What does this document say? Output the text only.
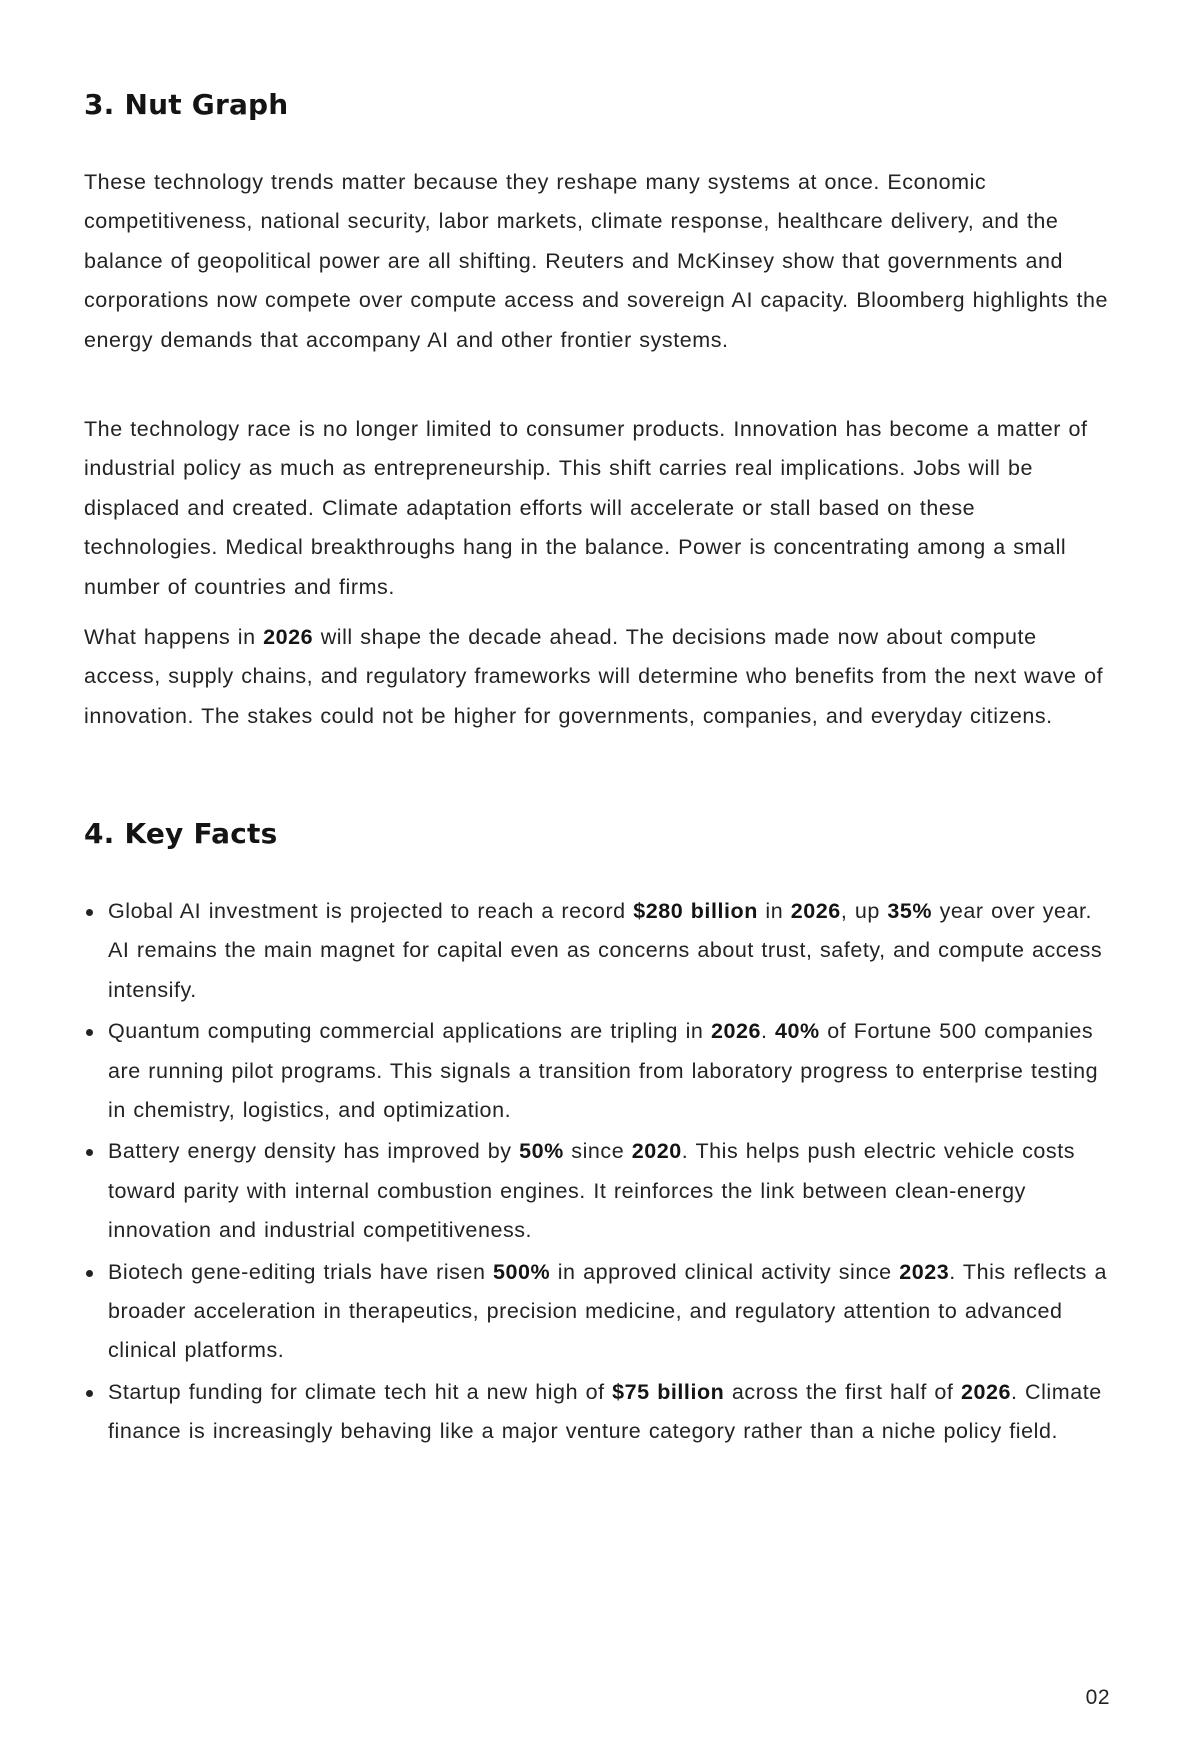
3. Nut Graph

These technology trends matter because they reshape many systems at once. Economic competitiveness, national security, labor markets, climate response, healthcare delivery, and the balance of geopolitical power are all shifting. Reuters and McKinsey show that governments and corporations now compete over compute access and sovereign AI capacity. Bloomberg highlights the energy demands that accompany AI and other frontier systems.

The technology race is no longer limited to consumer products. Innovation has become a matter of industrial policy as much as entrepreneurship. This shift carries real implications. Jobs will be displaced and created. Climate adaptation efforts will accelerate or stall based on these technologies. Medical breakthroughs hang in the balance. Power is concentrating among a small number of countries and firms.

What happens in 2026 will shape the decade ahead. The decisions made now about compute access, supply chains, and regulatory frameworks will determine who benefits from the next wave of innovation. The stakes could not be higher for governments, companies, and everyday citizens.

4. Key Facts
Global AI investment is projected to reach a record $280 billion in 2026, up 35% year over year. AI remains the main magnet for capital even as concerns about trust, safety, and compute access intensify.
Quantum computing commercial applications are tripling in 2026. 40% of Fortune 500 companies are running pilot programs. This signals a transition from laboratory progress to enterprise testing in chemistry, logistics, and optimization.
Battery energy density has improved by 50% since 2020. This helps push electric vehicle costs toward parity with internal combustion engines. It reinforces the link between clean-energy innovation and industrial competitiveness.
Biotech gene-editing trials have risen 500% in approved clinical activity since 2023. This reflects a broader acceleration in therapeutics, precision medicine, and regulatory attention to advanced clinical platforms.
Startup funding for climate tech hit a new high of $75 billion across the first half of 2026. Climate finance is increasingly behaving like a major venture category rather than a niche policy field.
02
